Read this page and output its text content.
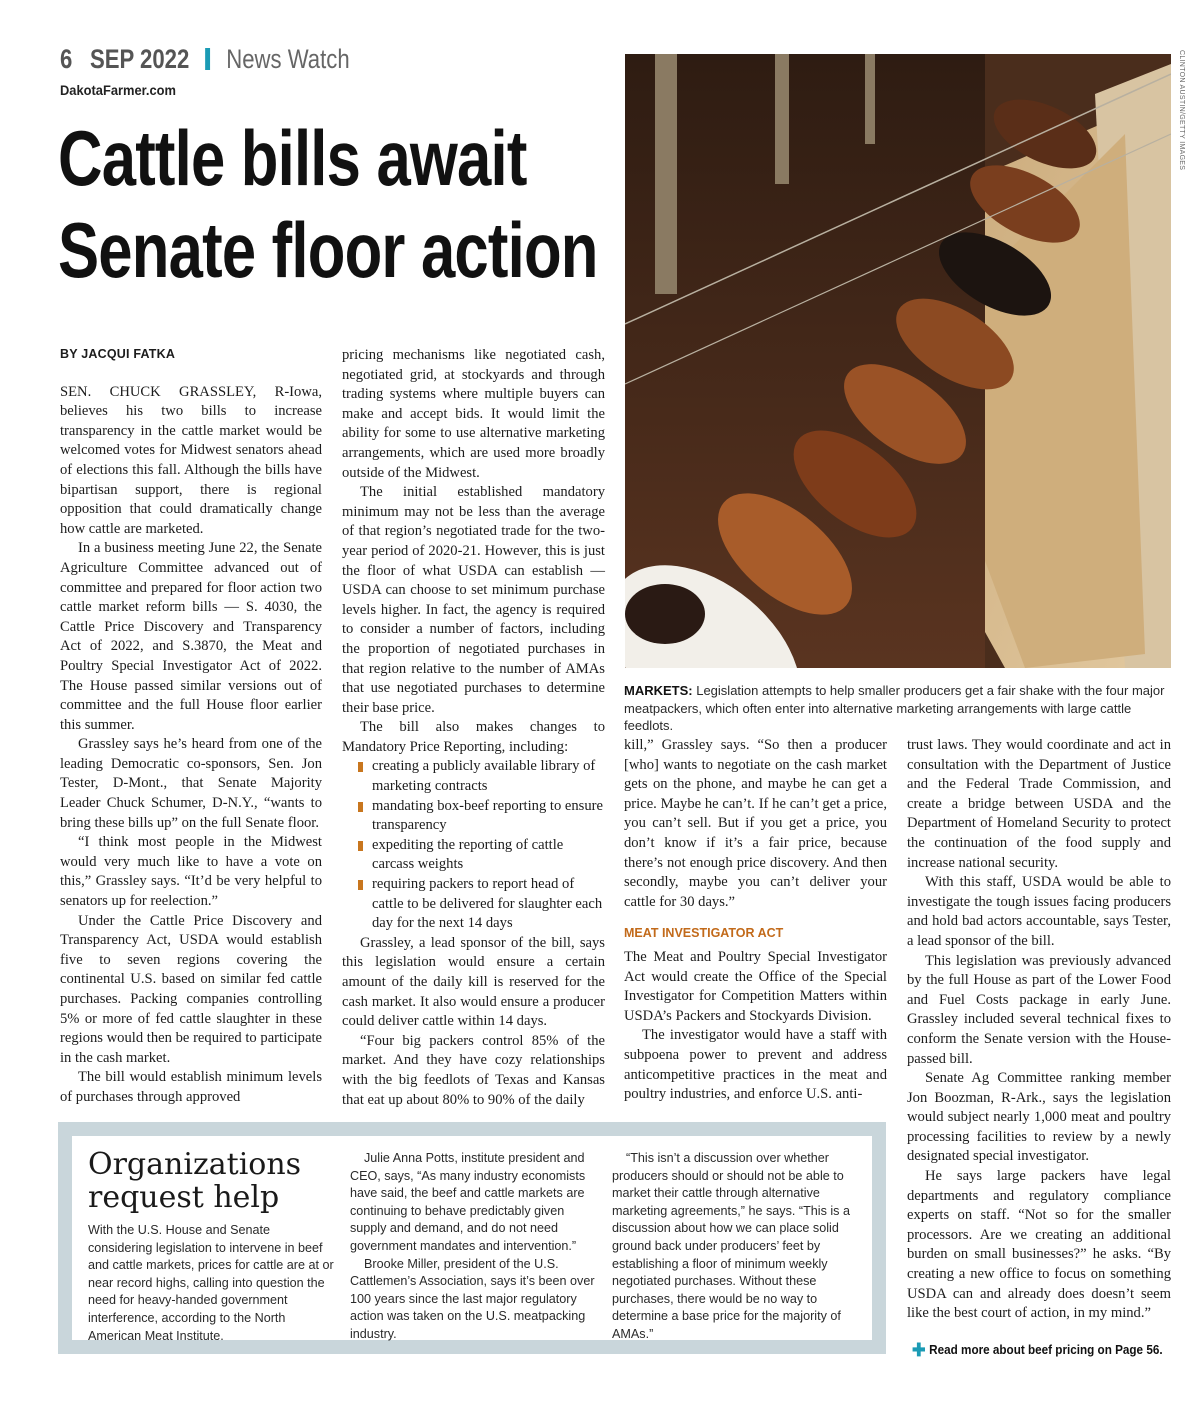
6 SEP 2022 News Watch
DakotaFarmer.com
Cattle bills await
Senate floor action
BY JACQUI FATKA

SEN. CHUCK GRASSLEY, R-Iowa, believes his two bills to increase transparency in the cattle market would be welcomed votes for Midwest senators ahead of elections this fall. Although the bills have bipartisan support, there is regional opposition that could dramatically change how cattle are marketed.

In a business meeting June 22, the Senate Agriculture Committee advanced out of committee and prepared for floor action two cattle market reform bills — S. 4030, the Cattle Price Discovery and Transparency Act of 2022, and S.3870, the Meat and Poultry Special Investigator Act of 2022. The House passed similar versions out of committee and the full House floor earlier this summer.

Grassley says he’s heard from one of the leading Democratic co-sponsors, Sen. Jon Tester, D-Mont., that Senate Majority Leader Chuck Schumer, D-N.Y., “wants to bring these bills up” on the full Senate floor.

“I think most people in the Midwest would very much like to have a vote on this,” Grassley says. “It’d be very helpful to senators up for reelection.”

Under the Cattle Price Discovery and Transparency Act, USDA would establish five to seven regions covering the continental U.S. based on similar fed cattle purchases. Packing companies controlling 5% or more of fed cattle slaughter in these regions would then be required to participate in the cash market.

The bill would establish minimum levels of purchases through approved

pricing mechanisms like negotiated cash, negotiated grid, at stockyards and through trading systems where multiple buyers can make and accept bids. It would limit the ability for some to use alternative marketing arrangements, which are used more broadly outside of the Midwest.

The initial established mandatory minimum may not be less than the average of that region’s negotiated trade for the two-year period of 2020-21. However, this is just the floor of what USDA can establish — USDA can choose to set minimum purchase levels higher. In fact, the agency is required to consider a number of factors, including the proportion of negotiated purchases in that region relative to the number of AMAs that use negotiated purchases to determine their base price.

The bill also makes changes to Mandatory Price Reporting, including:

creating a publicly available library of marketing contracts
mandating box-beef reporting to ensure transparency
expediting the reporting of cattle carcass weights
requiring packers to report head of cattle to be delivered for slaughter each day for the next 14 days

Grassley, a lead sponsor of the bill, says this legislation would ensure a certain amount of the daily kill is reserved for the cash market. It also would ensure a producer could deliver cattle within 14 days.

“Four big packers control 85% of the market. And they have cozy relationships with the big feedlots of Texas and Kansas that eat up about 80% to 90% of the daily

CLINTON AUSTIN/GETTY IMAGES
MARKETS: Legislation attempts to help smaller producers get a fair shake with the four major meatpackers, which often enter into alternative marketing arrangements with large cattle feedlots.

kill,” Grassley says. “So then a producer [who] wants to negotiate on the cash market gets on the phone, and maybe he can get a price. Maybe he can’t. If he can’t get a price, you can’t sell. But if you get a price, you don’t know if it’s a fair price, because there’s not enough price discovery. And then secondly, maybe you can’t deliver your cattle for 30 days.”

MEAT INVESTIGATOR ACT

The Meat and Poultry Special Investigator Act would create the Office of the Special Investigator for Competition Matters within USDA’s Packers and Stockyards Division.

The investigator would have a staff with subpoena power to prevent and address anticompetitive practices in the meat and poultry industries, and enforce U.S. anti-

trust laws. They would coordinate and act in consultation with the Department of Justice and the Federal Trade Commission, and create a bridge between USDA and the Department of Homeland Security to protect the continuation of the food supply and increase national security.

With this staff, USDA would be able to investigate the tough issues facing producers and hold bad actors accountable, says Tester, a lead sponsor of the bill.

This legislation was previously advanced by the full House as part of the Lower Food and Fuel Costs package in early June. Grassley included several technical fixes to conform the Senate version with the House-passed bill.

Senate Ag Committee ranking member Jon Boozman, R-Ark., says the legislation would subject nearly 1,000 meat and poultry processing facilities to review by a newly designated special investigator.

He says large packers have legal departments and regulatory compliance experts on staff. “Not so for the smaller processors. Are we creating an additional burden on small businesses?” he asks. “By creating a new office to focus on something USDA can and already does doesn’t seem like the best court of action, in my mind.”

Organizations
request help

With the U.S. House and Senate considering legislation to intervene in beef and cattle markets, prices for cattle are at or near record highs, calling into question the need for heavy-handed government interference, according to the North American Meat Institute.

Julie Anna Potts, institute president and CEO, says, “As many industry economists have said, the beef and cattle markets are continuing to behave predictably given supply and demand, and do not need government mandates and intervention.”

Brooke Miller, president of the U.S. Cattlemen’s Association, says it’s been over 100 years since the last major regulatory action was taken on the U.S. meatpacking industry.

“This isn’t a discussion over whether producers should or should not be able to market their cattle through alternative marketing agreements,” he says. “This is a discussion about how we can place solid ground back under producers’ feet by establishing a floor of minimum weekly negotiated purchases. Without these purchases, there would be no way to determine a base price for the majority of AMAs.”

✚ Read more about beef pricing on Page 56.
